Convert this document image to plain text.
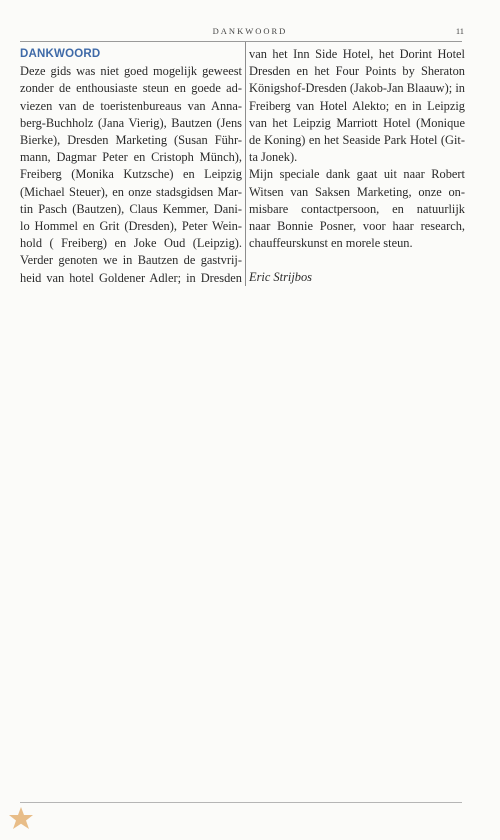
DANKWOORD	11
DANKWOORD
Deze gids was niet goed mogelijk geweest
zonder de enthousiaste steun en goede ad-
viezen van de toeristenbureaus van Anna-
berg-Buchholz (Jana Vierig), Bautzen (Jens
Bierke), Dresden Marketing (Susan Führ-
mann, Dagmar Peter en Cristoph Münch),
Freiberg (Monika Kutzsche) en Leipzig
(Michael Steuer), en onze stadsgidsen Mar-
tin Pasch (Bautzen), Claus Kemmer, Dani-
lo Hommel en Grit (Dresden), Peter Wein-
hold ( Freiberg) en Joke Oud (Leipzig).
Verder genoten we in Bautzen de gastvrij-
heid van hotel Goldener Adler; in Dresden
van het Inn Side Hotel, het Dorint Hotel
Dresden en het Four Points by Sheraton
Königshof-Dresden (Jakob-Jan Blaauw); in
Freiberg van Hotel Alekto; en in Leipzig
van het Leipzig Marriott Hotel (Monique
de Koning) en het Seaside Park Hotel (Git-
ta Jonek).
Mijn speciale dank gaat uit naar Robert
Witsen van Saksen Marketing, onze on-
misbare contactpersoon, en natuurlijk
naar Bonnie Posner, voor haar research,
chauffeurskunst en morele steun.
Eric Strijbos
